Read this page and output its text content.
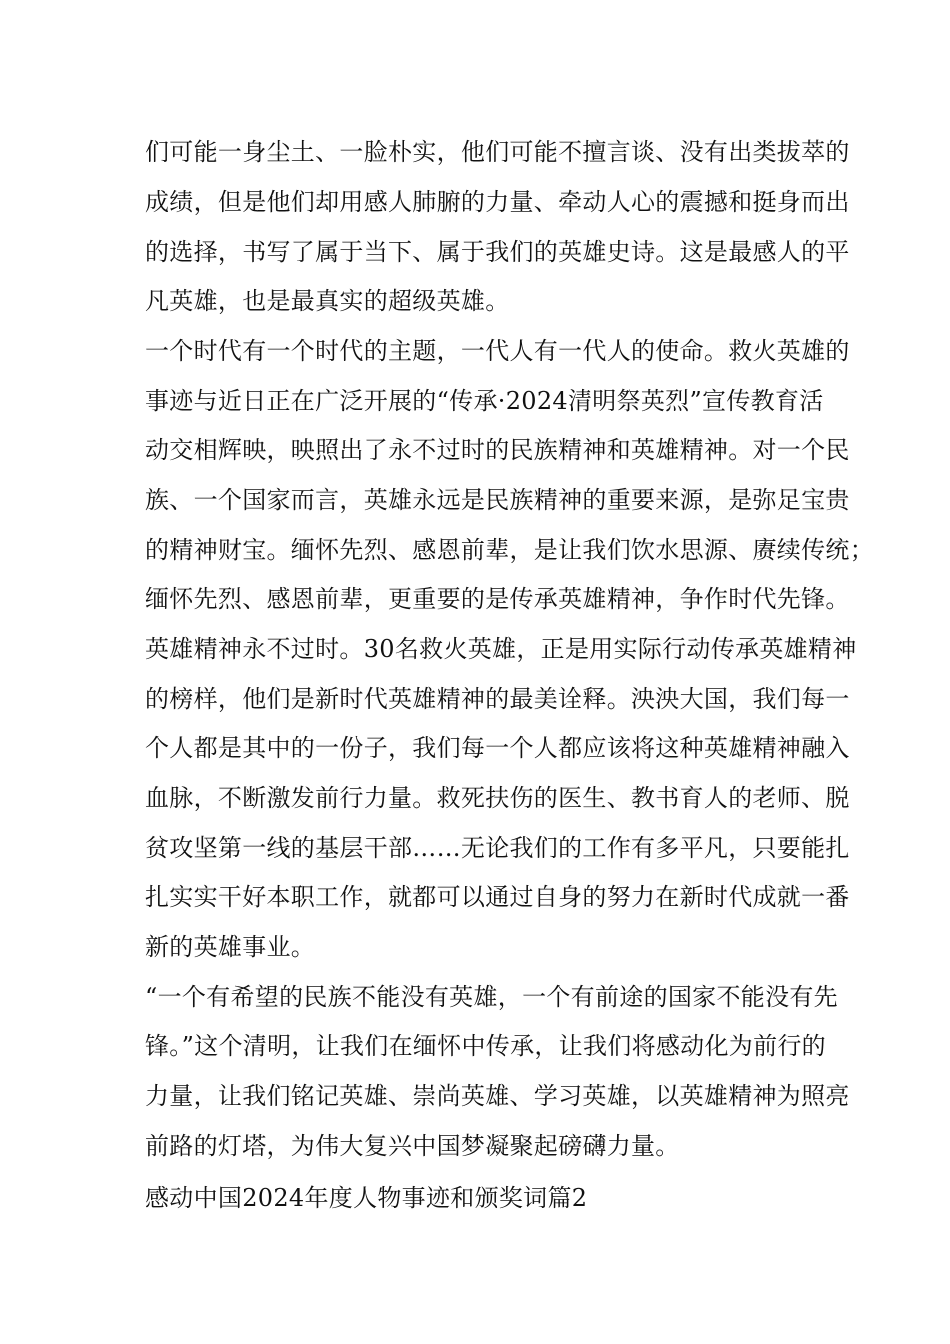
们可能一身尘土、一脸朴实，他们可能不擅言谈、没有出类拔萃的
成绩，但是他们却用感人肺腑的力量、牵动人心的震撼和挺身而出
的选择，书写了属于当下、属于我们的英雄史诗。这是最感人的平
凡英雄，也是最真实的超级英雄。
一个时代有一个时代的主题，一代人有一代人的使命。救火英雄的
事迹与近日正在广泛开展的“传承·2024清明祭英烈”宣传教育活
动交相辉映，映照出了永不过时的民族精神和英雄精神。对一个民
族、一个国家而言，英雄永远是民族精神的重要来源，是弥足宝贵
的精神财宝。缅怀先烈、感恩前辈，是让我们饮水思源、赓续传统；
缅怀先烈、感恩前辈，更重要的是传承英雄精神，争作时代先锋。
英雄精神永不过时。30名救火英雄，正是用实际行动传承英雄精神
的榜样，他们是新时代英雄精神的最美诠释。泱泱大国，我们每一
个人都是其中的一份子，我们每一个人都应该将这种英雄精神融入
血脉，不断激发前行力量。救死扶伤的医生、教书育人的老师、脱
贫攻坚第一线的基层干部……无论我们的工作有多平凡，只要能扎
扎实实干好本职工作，就都可以通过自身的努力在新时代成就一番
新的英雄事业。
“一个有希望的民族不能没有英雄，一个有前途的国家不能没有先
锋。”这个清明，让我们在缅怀中传承，让我们将感动化为前行的
力量，让我们铭记英雄、崇尚英雄、学习英雄，以英雄精神为照亮
前路的灯塔，为伟大复兴中国梦凝聚起磅礴力量。
感动中国2024年度人物事迹和颁奖词篇2
